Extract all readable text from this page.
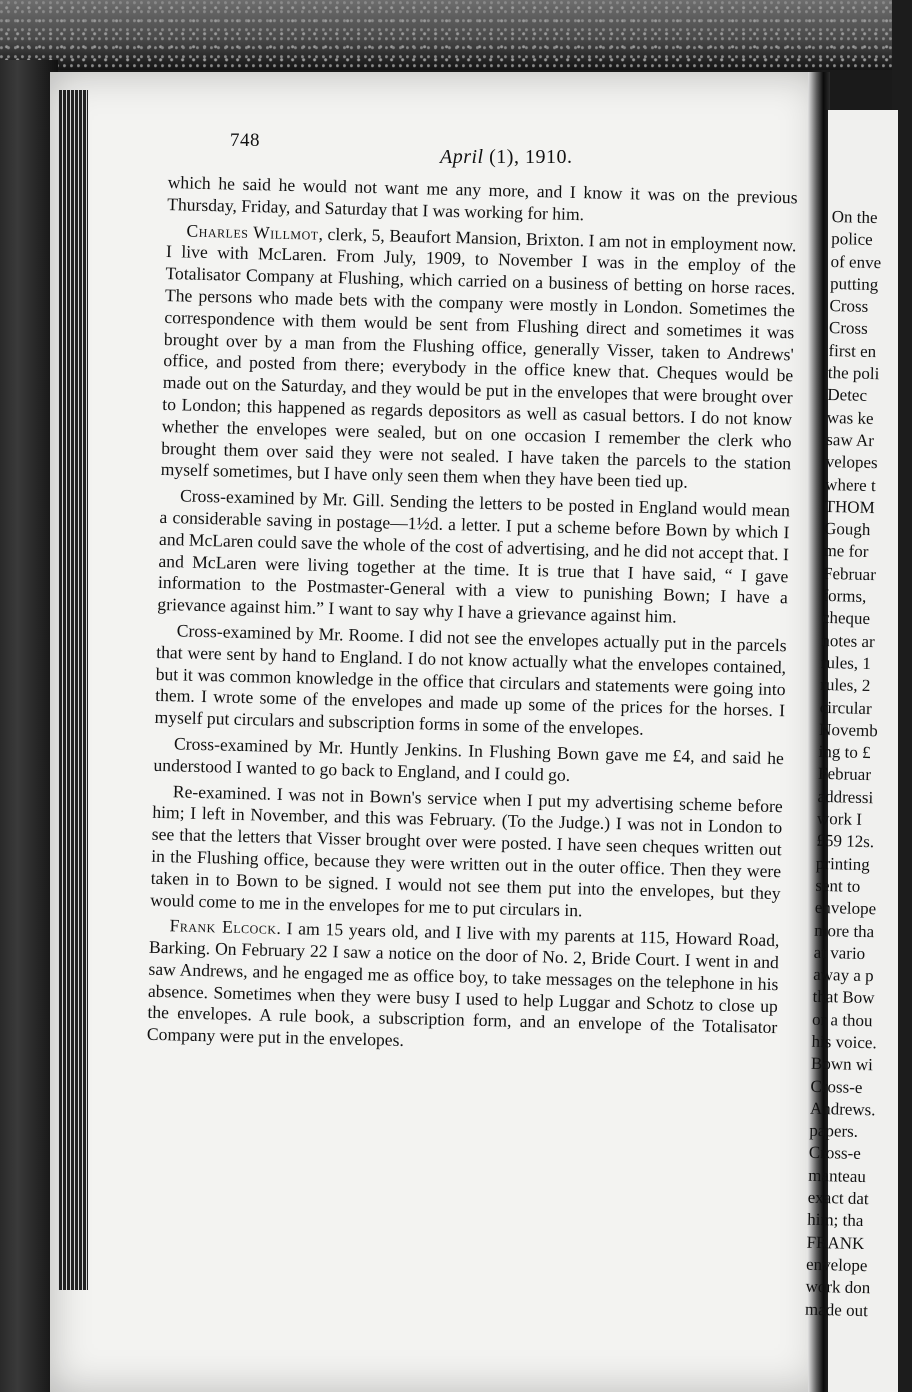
748
April (1), 1910.

which he said he would not want me any more, and I know it was on the previous Thursday, Friday, and Saturday that I was working for him.

Charles Willmot, clerk, 5, Beaufort Mansion, Brixton. I am not in employment now. I live with McLaren. From July, 1909, to November I was in the employ of the Totalisator Company at Flushing, which carried on a business of betting on horse races. The persons who made bets with the company were mostly in London. Sometimes the correspondence with them would be sent from Flushing direct and sometimes it was brought over by a man from the Flushing office, generally Visser, taken to Andrews' office, and posted from there; everybody in the office knew that. Cheques would be made out on the Saturday, and they would be put in the envelopes that were brought over to London; this happened as regards depositors as well as casual bettors. I do not know whether the envelopes were sealed, but on one occasion I remember the clerk who brought them over said they were not sealed. I have taken the parcels to the station myself sometimes, but I have only seen them when they have been tied up.

Cross-examined by Mr. Gill. Sending the letters to be posted in England would mean a considerable saving in postage—1½d. a letter. I put a scheme before Bown by which I and McLaren could save the whole of the cost of advertising, and he did not accept that. I and McLaren were living together at the time. It is true that I have said, “ I gave information to the Postmaster-General with a view to punishing Bown; I have a grievance against him.” I want to say why I have a grievance against him.

Cross-examined by Mr. Roome. I did not see the envelopes actually put in the parcels that were sent by hand to England. I do not know actually what the envelopes contained, but it was common knowledge in the office that circulars and statements were going into them. I wrote some of the envelopes and made up some of the prices for the horses. I myself put circulars and subscription forms in some of the envelopes.

Cross-examined by Mr. Huntly Jenkins. In Flushing Bown gave me £4, and said he understood I wanted to go back to England, and I could go.

Re-examined. I was not in Bown's service when I put my advertising scheme before him; I left in November, and this was February. (To the Judge.) I was not in London to see that the letters that Visser brought over were posted. I have seen cheques written out in the Flushing office, because they were written out in the outer office. Then they were taken in to Bown to be signed. I would not see them put into the envelopes, but they would come to me in the envelopes for me to put circulars in.

Frank Elcock. I am 15 years old, and I live with my parents at 115, Howard Road, Barking. On February 22 I saw a notice on the door of No. 2, Bride Court. I went in and saw Andrews, and he engaged me as office boy, to take messages on the telephone in his absence. Sometimes when they were busy I used to help Luggar and Schotz to close up the envelopes. A rule book, a subscription form, and an envelope of the Totalisator Company were put in the envelopes.

On the
police
of enve
putting
Cross
Cross
first en
the poli
Detec
was ke
saw Ar
velopes
where t
THOM
Gough
me for
Februar
forms,
cheque
notes ar
rules, 1
rules, 2
circular
Novemb
ing to £
Februar
addressi
work I
£59 12s.
printing
sent to
envelope
more tha
at vario
away a p
that Bow
or a thou
his voice.
Bown wi
Cross-e
Andrews.
papers.
Cross-e
manteau
exact dat
him; tha
FRANK
envelope
work don
made out
